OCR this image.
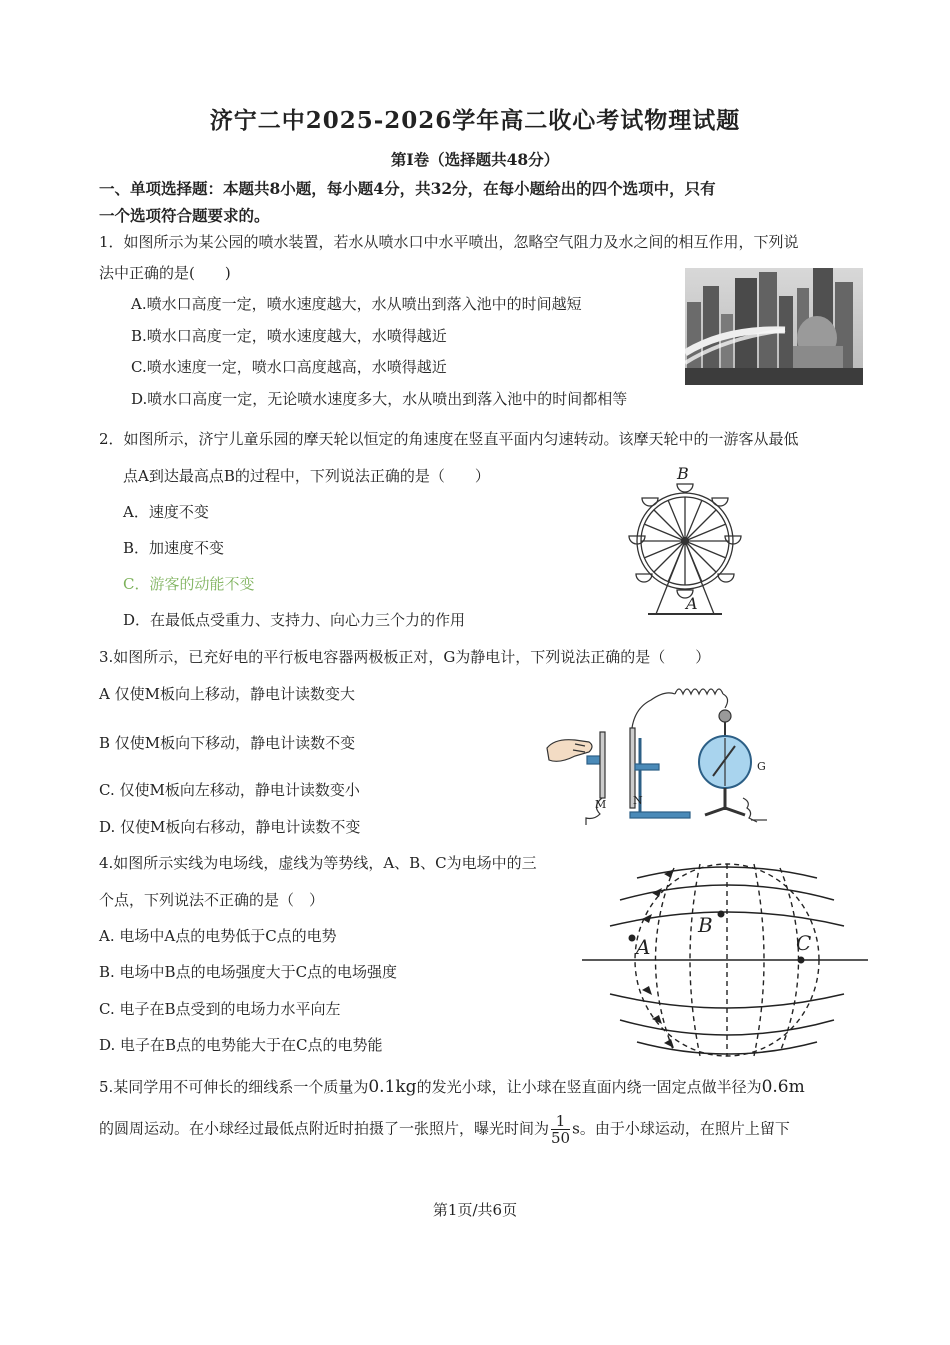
济宁二中2025-2026学年高二收心考试物理试题
第Ⅰ卷（选择题共48分）
一、单项选择题：本题共8小题，每小题4分，共32分，在每小题给出的四个选项中，只有
一个选项符合题要求的。
1．如图所示为某公园的喷水装置，若水从喷水口中水平喷出，忽略空气阻力及水之间的相互作用，下列说
法中正确的是(　　)
A.喷水口高度一定，喷水速度越大，水从喷出到落入池中的时间越短
B.喷水口高度一定，喷水速度越大，水喷得越近
C.喷水速度一定，喷水口高度越高，水喷得越近
D.喷水口高度一定，无论喷水速度多大，水从喷出到落入池中的时间都相等
2．如图所示，济宁儿童乐园的摩天轮以恒定的角速度在竖直平面内匀速转动。该摩天轮中的一游客从最低
点A到达最高点B的过程中，下列说法正确的是（　　）
A．速度不变
B．加速度不变
C．游客的动能不变
D．在最低点受重力、支持力、向心力三个力的作用
B
A
3.如图所示，已充好电的平行板电容器两极板正对，G为静电计，下列说法正确的是（　　）
A 仅使M板向上移动，静电计读数变大
B 仅使M板向下移动，静电计读数不变
C. 仅使M板向左移动，静电计读数变小
D. 仅使M板向右移动，静电计读数不变
M N
G
4.如图所示实线为电场线，虚线为等势线，A、B、C为电场中的三
个点，下列说法不正确的是（　）
A. 电场中A点的电势低于C点的电势
B. 电场中B点的电场强度大于C点的电场强度
C. 电子在B点受到的电场力水平向左
D. 电子在B点的电势能大于在C点的电势能
A
B
C
5.某同学用不可伸长的细线系一个质量为0.1kg的发光小球，让小球在竖直面内绕一固定点做半径为0.6m
的圆周运动。在小球经过最低点附近时拍摄了一张照片，曝光时间为 $\frac{1}{50}$ s。由于小球运动，在照片上留下
第1页/共6页
